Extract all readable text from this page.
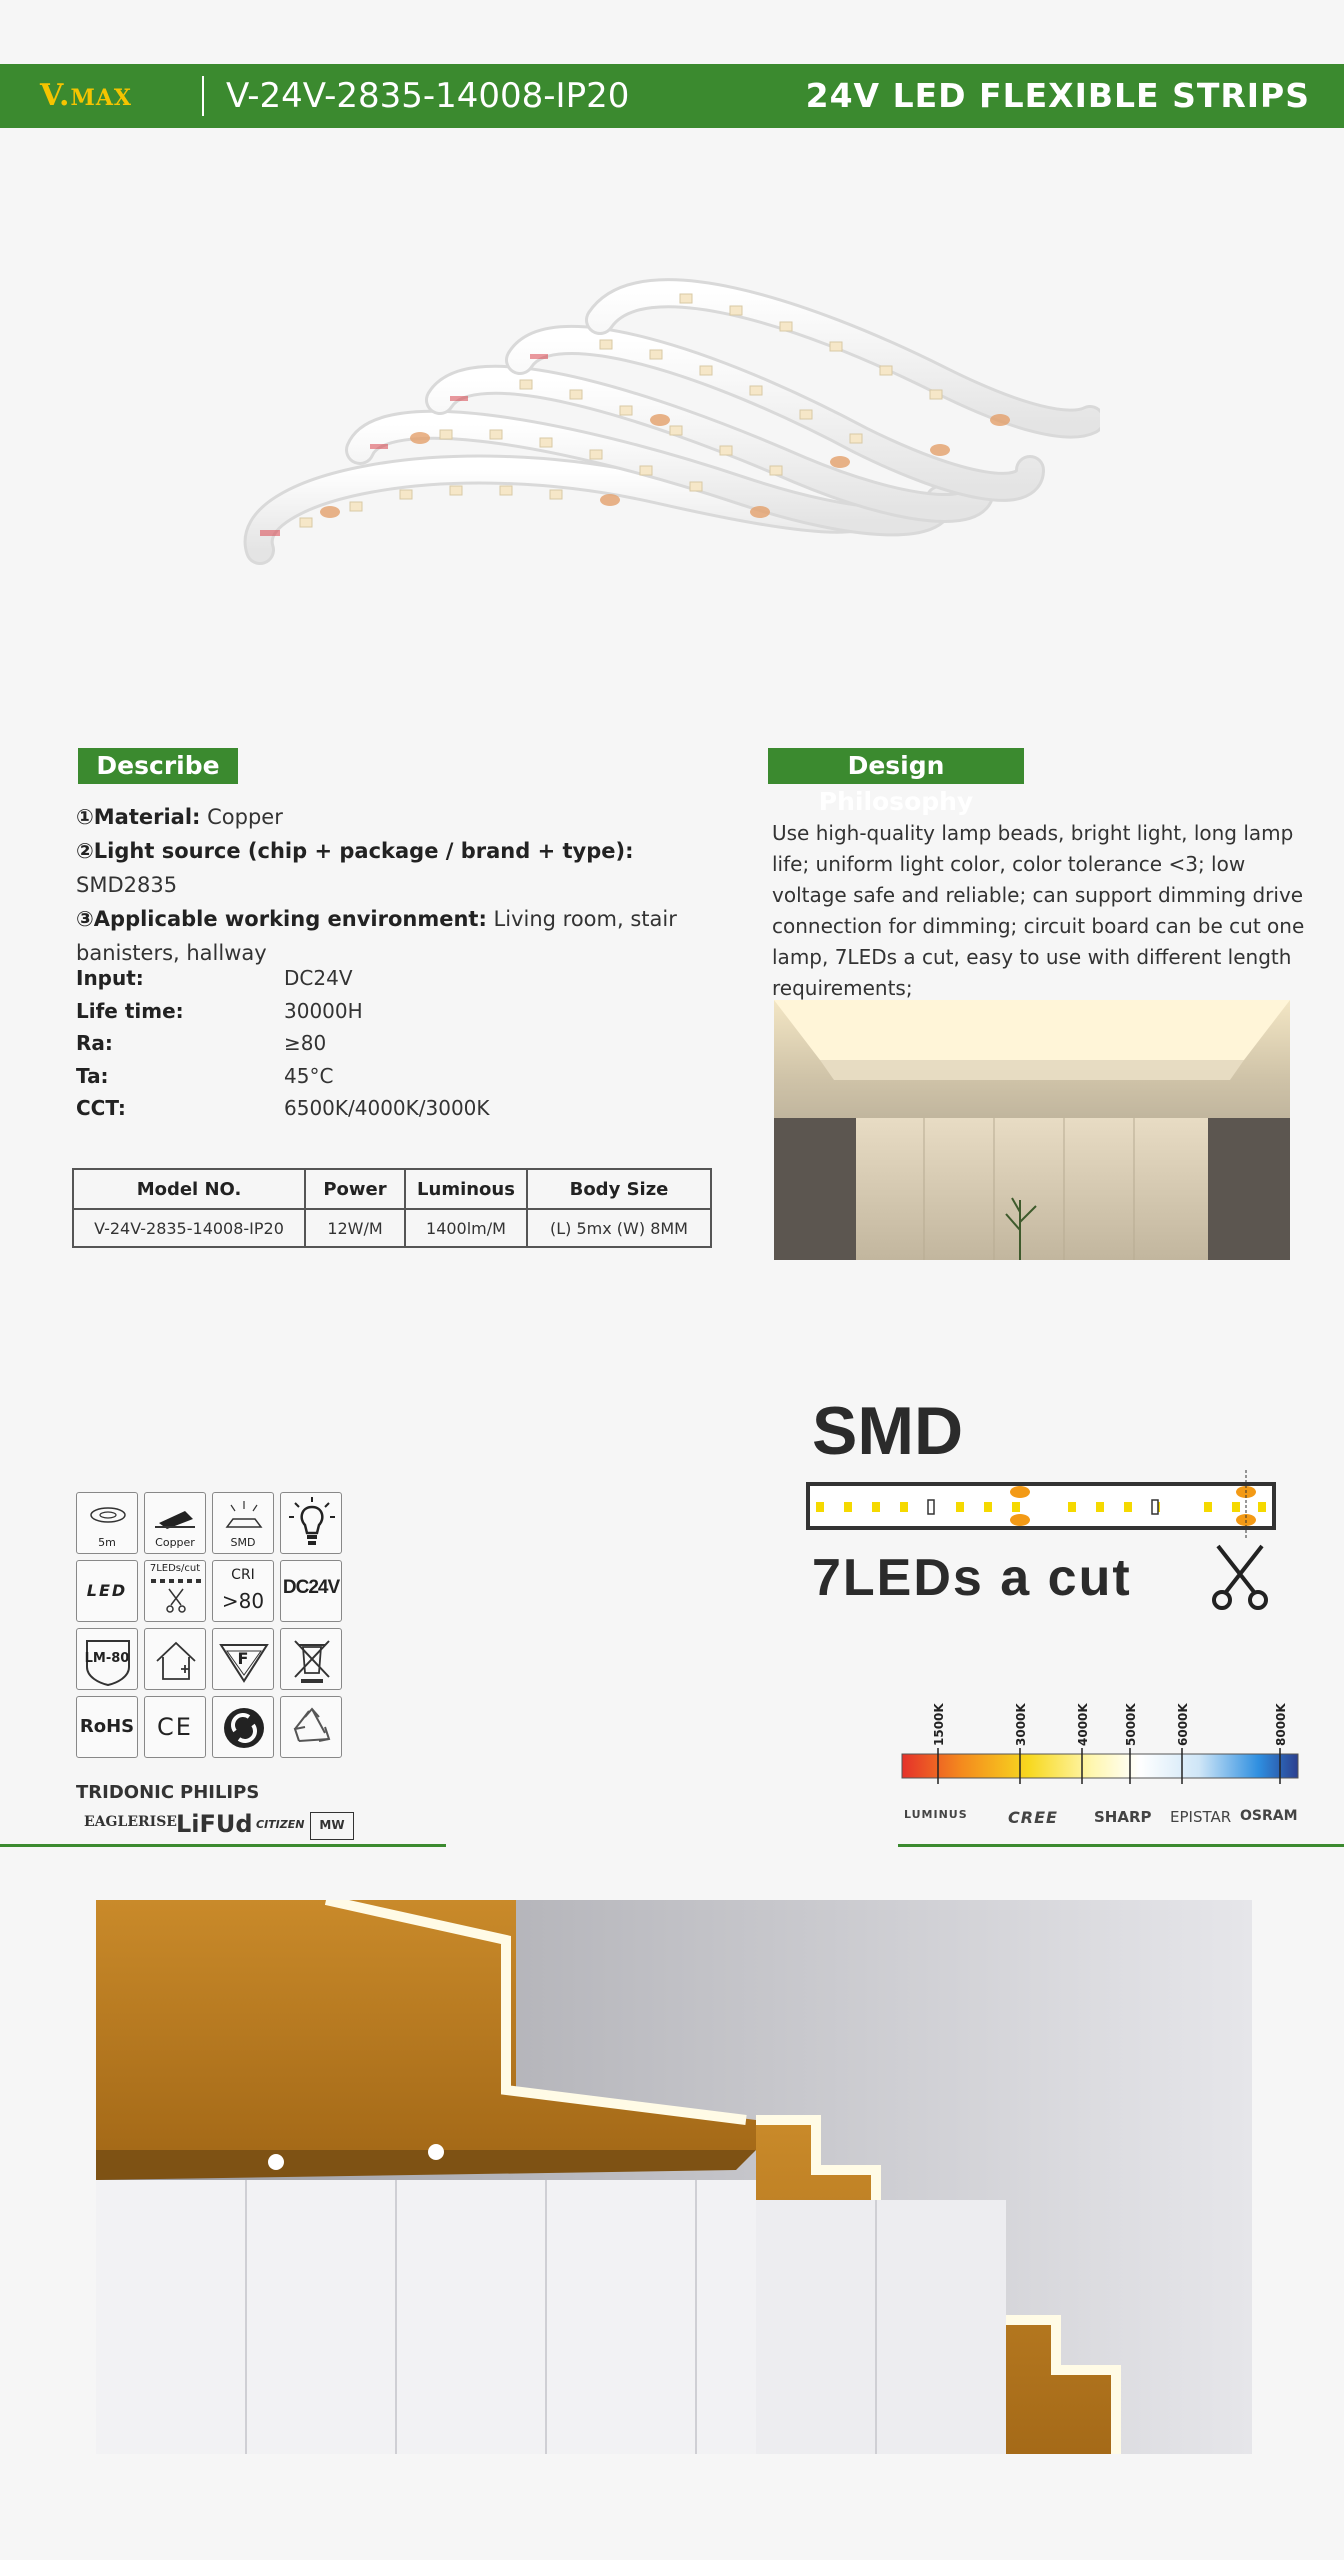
V.MAX	V-24V-2835-14008-IP20	24V LED FLEXIBLE STRIPS
Describe
①Material: Copper
②Light source (chip + package / brand + type): SMD2835
③Applicable working environment: Living room, stair banisters, hallway
Input:	DC24V
Life time:	30000H
Ra:	≥80
Ta:	45°C
CCT:	6500K/4000K/3000K
Model NO.	Power	Luminous	Body Size
V-24V-2835-14008-IP20	12W/M	1400lm/M	(L) 5mx (W) 8MM
Design Philosophy
Use high-quality lamp beads, bright light, long lamp life; uniform light color, color tolerance <3; low voltage safe and reliable; can support dimming drive connection for dimming; circuit board can be cut one lamp, 7LEDs a cut, easy to use with different length requirements;
SMD
7LEDs a cut
5m	Copper	SMD
LED
7LEDs/cut	CRI
>80
DC24V
LM-80	F
RoHS CE
TRIDONIC PHILIPS
EAGLERISE LiFUd CITIZEN	MW
1500K	3000K	4000K	5000K	6000K	8000K
LUMINUS	CREE SHARP EPISTAR OSRAM
